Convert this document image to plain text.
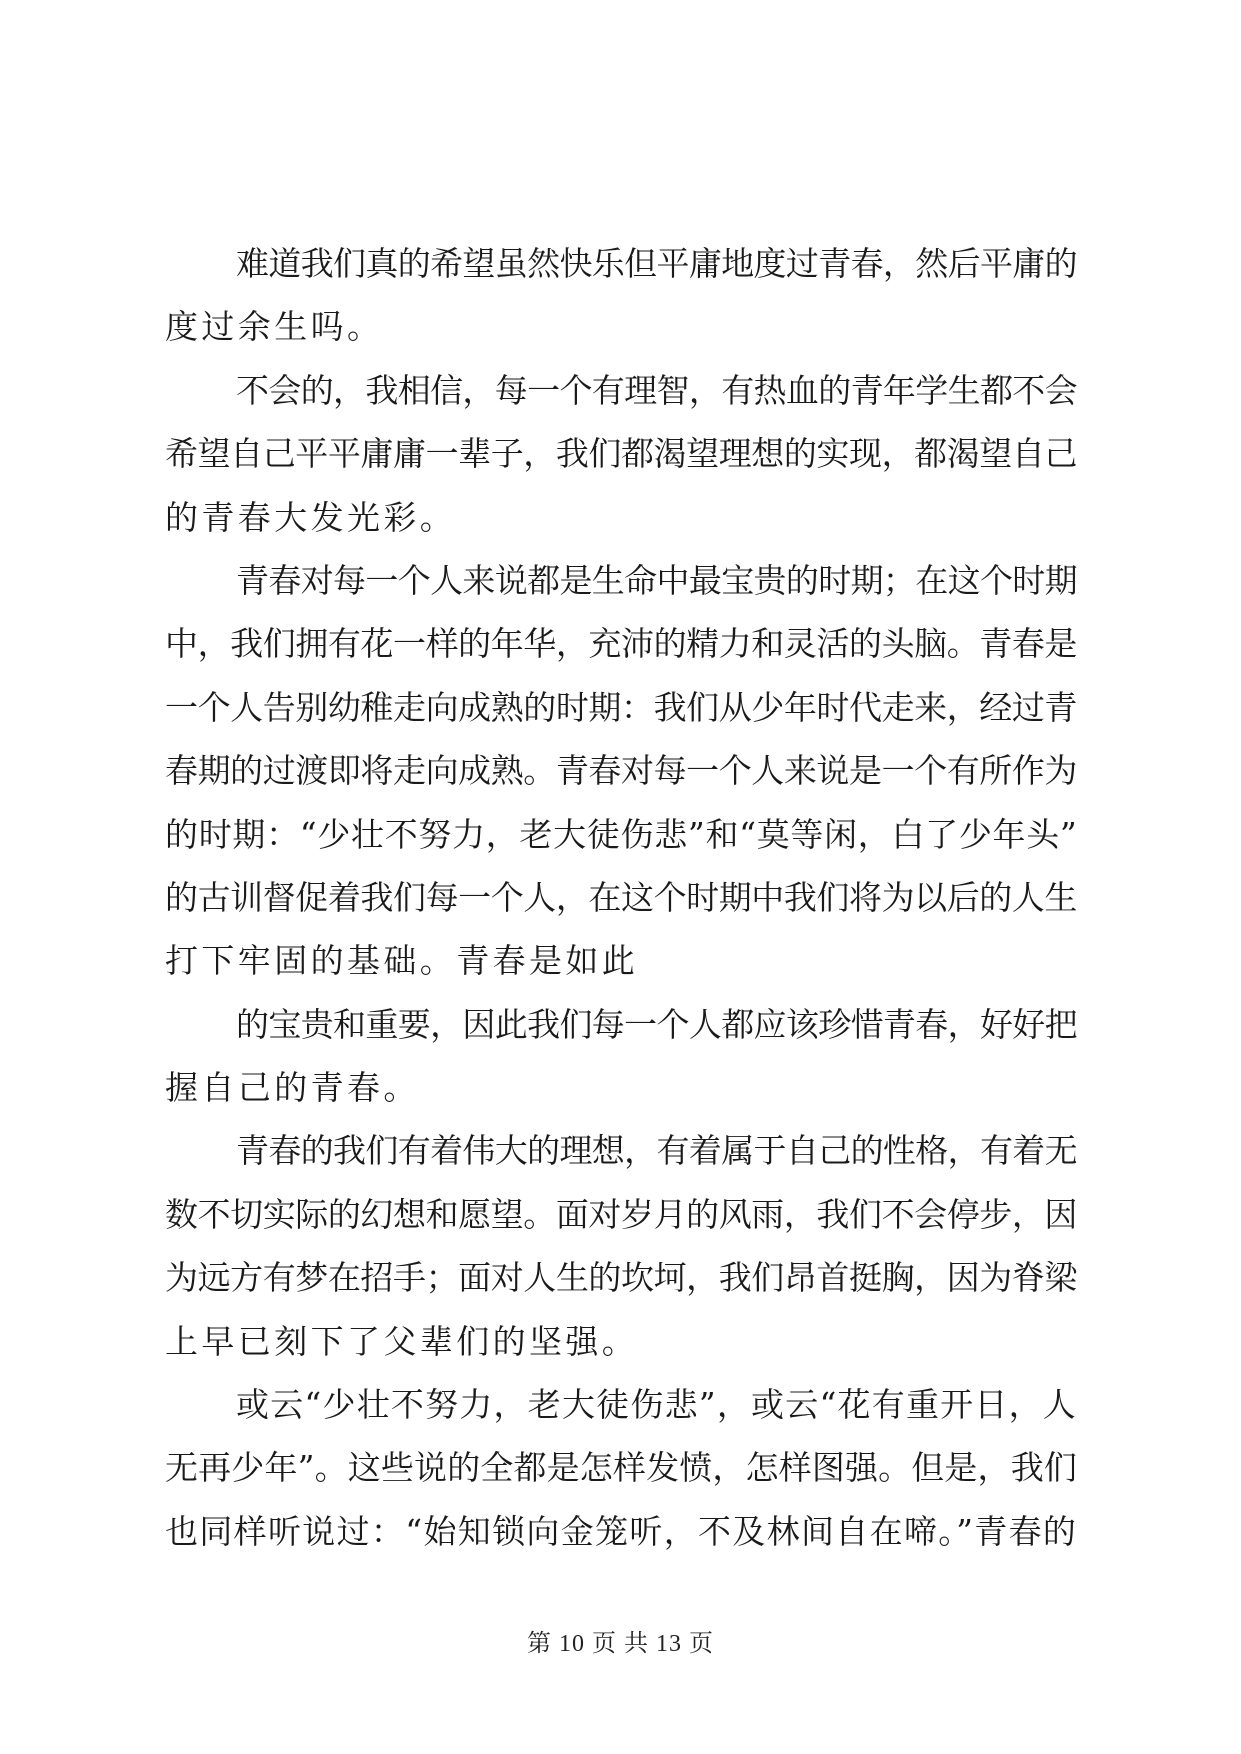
难道我们真的希望虽然快乐但平庸地度过青春，然后平庸的
度过余生吗。

不会的，我相信，每一个有理智，有热血的青年学生都不会
希望自己平平庸庸一辈子，我们都渴望理想的实现，都渴望自己
的青春大发光彩。

青春对每一个人来说都是生命中最宝贵的时期；在这个时期
中，我们拥有花一样的年华，充沛的精力和灵活的头脑。青春是
一个人告别幼稚走向成熟的时期：我们从少年时代走来，经过青
春期的过渡即将走向成熟。青春对每一个人来说是一个有所作为
的时期：“少壮不努力，老大徒伤悲”和“莫等闲，白了少年头”
的古训督促着我们每一个人，在这个时期中我们将为以后的人生
打下牢固的基础。青春是如此

的宝贵和重要，因此我们每一个人都应该珍惜青春，好好把
握自己的青春。

青春的我们有着伟大的理想，有着属于自己的性格，有着无
数不切实际的幻想和愿望。面对岁月的风雨，我们不会停步，因
为远方有梦在招手；面对人生的坎坷，我们昂首挺胸，因为脊梁
上早已刻下了父辈们的坚强。

或云“少壮不努力，老大徒伤悲”，或云“花有重开日，人
无再少年”。这些说的全都是怎样发愤，怎样图强。但是，我们
也同样听说过：“始知锁向金笼听，不及林间自在啼。”青春的

第 10 页 共 13 页
